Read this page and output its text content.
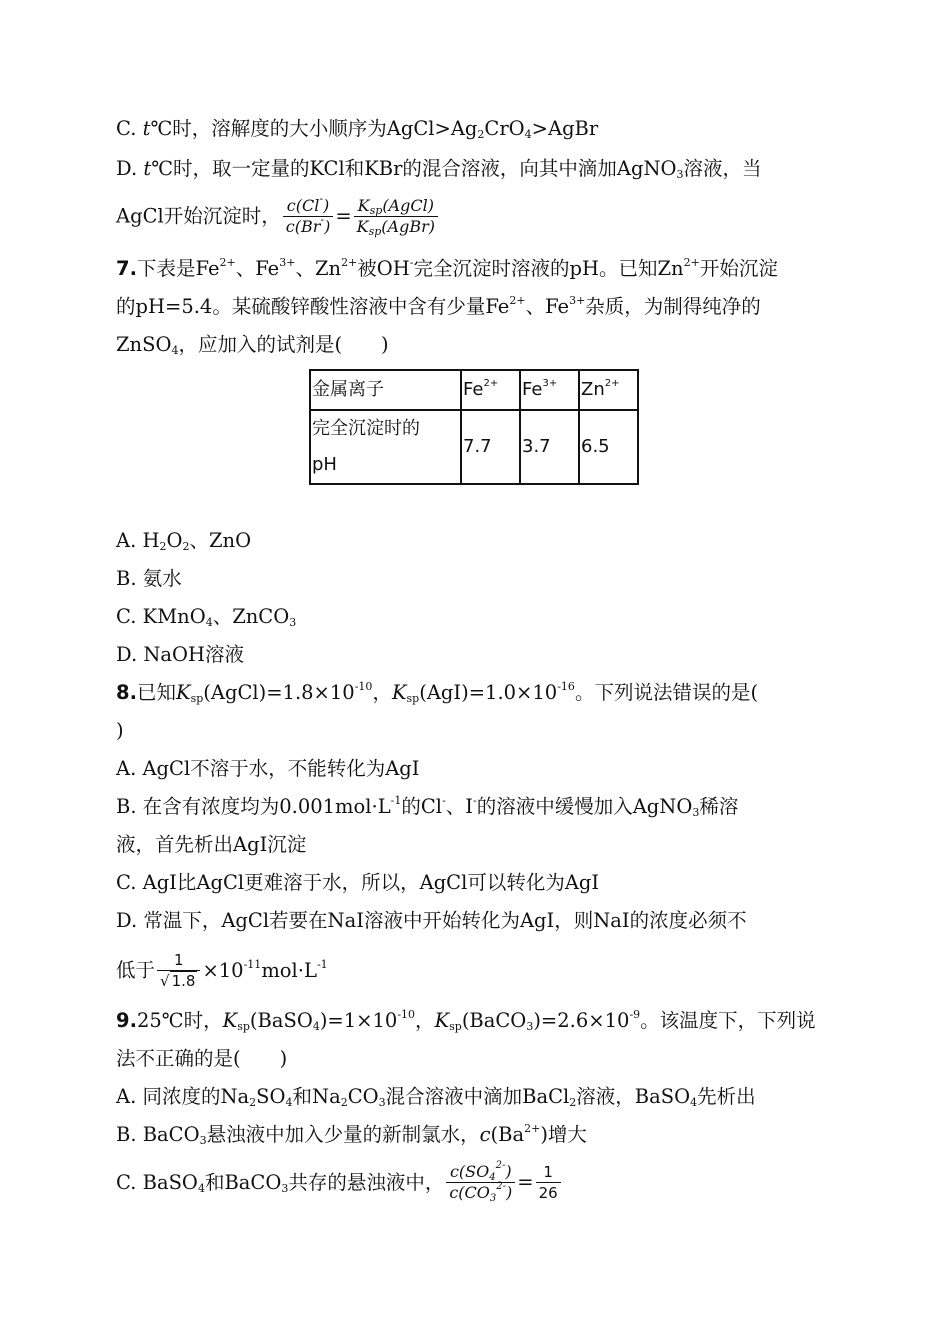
C. t℃时，溶解度的大小顺序为$AgCl>Ag_2CrO_4>AgBr$
D. t℃时，取一定量的KCl和KBr的混合溶液，向其中滴加AgNO$_3$溶液，当
AgCl开始沉淀时， $\frac{c(Cl^-)}{c(Br^-)} = \frac{K_{sp}(AgCl)}{K_{sp}(AgBr)}$
7.下表是$Fe^{2+}$、$Fe^{3+}$、$Zn^{2+}$被OH-完全沉淀时溶液的pH。已知$Zn^{2+}$开始沉淀
的pH=5.4。某硫酸锌酸性溶液中含有少量$Fe^{2+}$、$Fe^{3+}$杂质，为制得纯净的
ZnSO$_4$，应加入的试剂是(　　)
金属离子	$Fe^{2+}$	$Fe^{3+}$	$Zn^{2+}$
完全沉淀时的
pH	7.7	3.7	6.5
A. $H_2O_2$、ZnO
B. 氨水
C. KMnO$_4$、ZnCO$_3$
D. NaOH溶液
8.已知$K_{sp}(AgCl)=1.8\times 10^{-10}$，$K_{sp}(AgI)=1.0\times 10^{-16}$。下列说法错误的是(
)
A. AgCl不溶于水，不能转化为AgI
B. 在含有浓度均为$0.001mol\cdot L^{-1}$的Cl-、I-的溶液中缓慢加入AgNO$_3$稀溶
液，首先析出AgI沉淀
C. AgI比AgCl更难溶于水，所以，AgCl可以转化为AgI
D. 常温下，AgCl若要在NaI溶液中开始转化为AgI，则NaI的浓度必须不
低于 $\frac{1}{√ 1.8} \times 10^{-11}mol\cdot L^{-1}$
9.25℃时，$K_{sp}(BaSO_4)=1\times 10^{-10}$，$K_{sp}(BaCO_3)=2.6\times 10^{-9}$。该温度下，下列说
法不正确的是(　　)
A. 同浓度的$Na_2SO_4$和$Na_2CO_3$混合溶液中滴加BaCl$_2$溶液，BaSO$_4$先析出
B. BaCO$_3$悬浊液中加入少量的新制氯水，$c(Ba^{2+})$增大
C. BaSO$_4$和BaCO$_3$共存的悬浊液中， $\frac{c(SO_4^{2-})}{c(CO_3^{2-})} = \frac{1}{26}$
